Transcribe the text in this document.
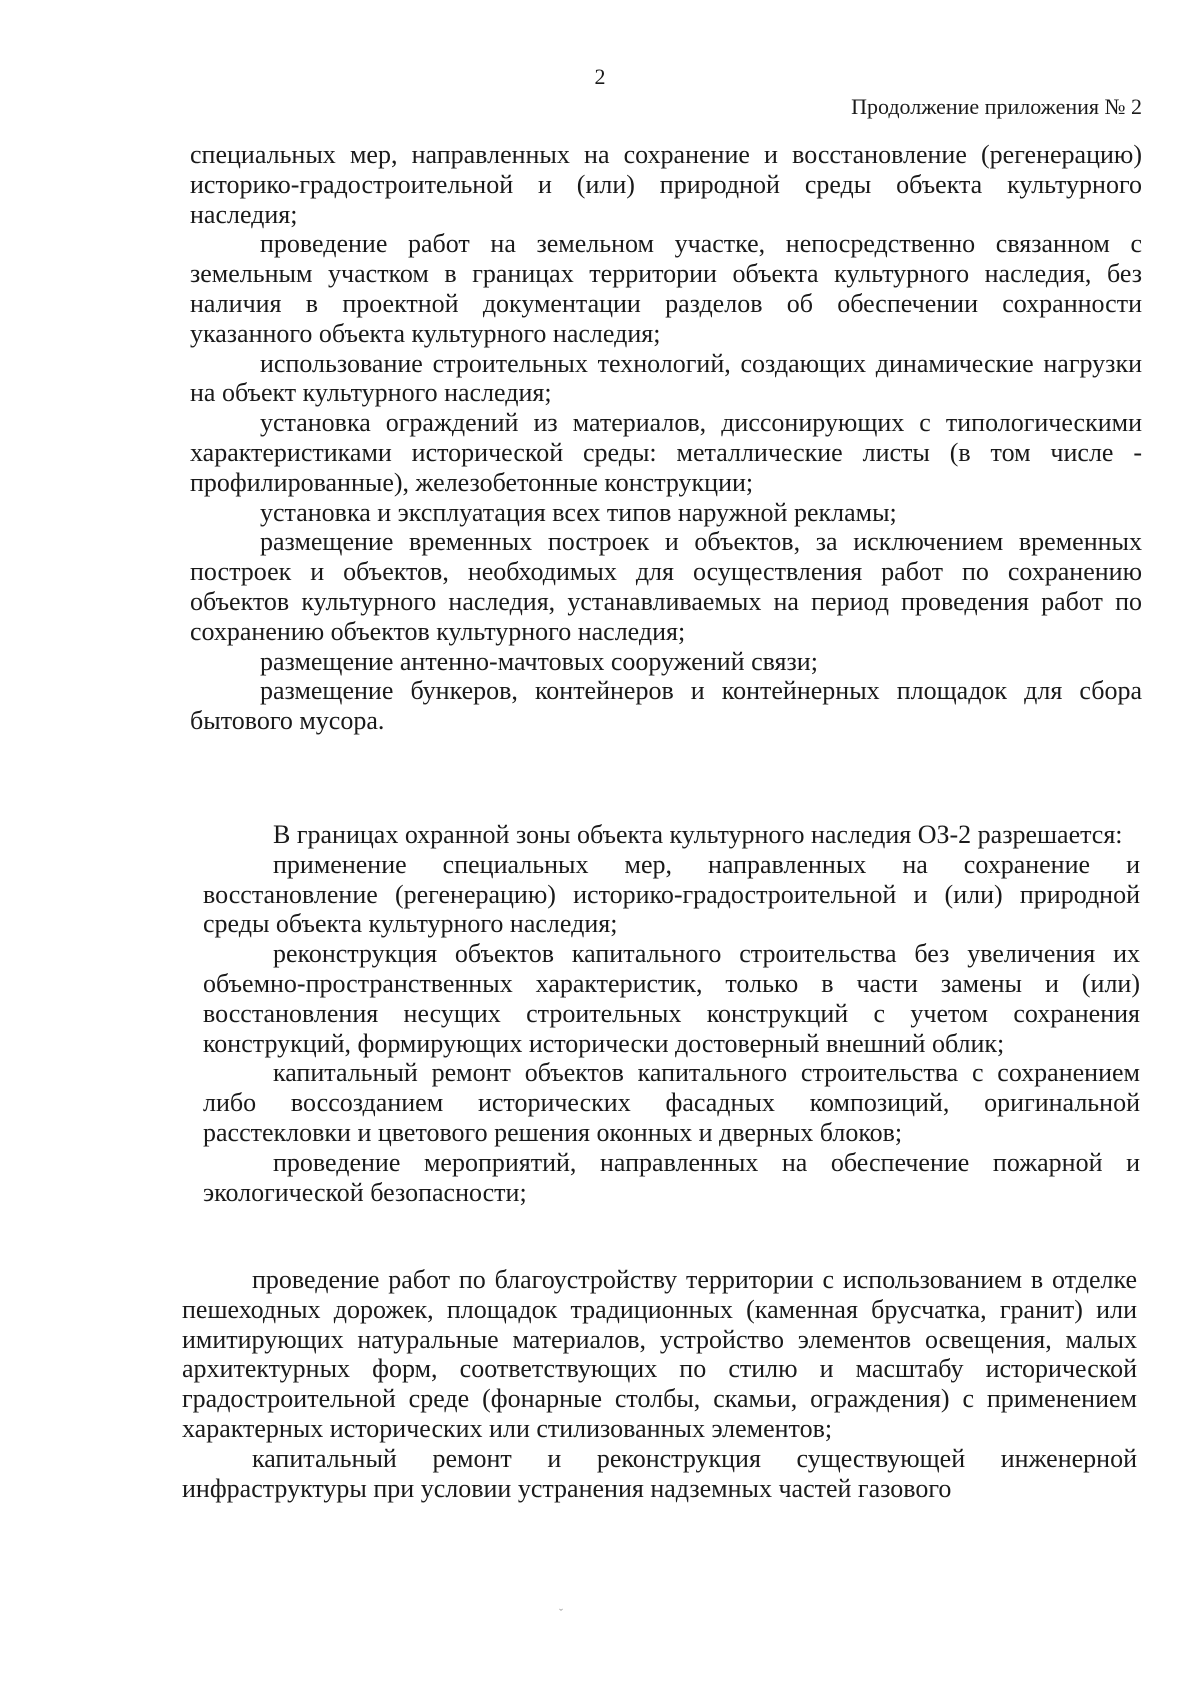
2
Продолжение приложения № 2

специальных мер, направленных на сохранение и восстановление (регенерацию) историко-градостроительной и (или) природной среды объекта культурного наследия;

проведение работ на земельном участке, непосредственно связанном с земельным участком в границах территории объекта культурного наследия, без наличия в проектной документации разделов об обеспечении сохранности указанного объекта культурного наследия;

использование строительных технологий, создающих динамические нагрузки на объект культурного наследия;

установка ограждений из материалов, диссонирующих с типологическими характеристиками исторической среды: металлические листы (в том числе - профилированные), железобетонные конструкции;

установка и эксплуатация всех типов наружной рекламы;

размещение временных построек и объектов, за исключением временных построек и объектов, необходимых для осуществления работ по сохранению объектов культурного наследия, устанавливаемых на период проведения работ по сохранению объектов культурного наследия;

размещение антенно-мачтовых сооружений связи;

размещение бункеров, контейнеров и контейнерных площадок для сбора бытового мусора.

В границах охранной зоны объекта культурного наследия ОЗ-2 разрешается:

применение специальных мер, направленных на сохранение и восстановление (регенерацию) историко-градостроительной и (или) природной среды объекта культурного наследия;

реконструкция объектов капитального строительства без увеличения их объемно-пространственных характеристик, только в части замены и (или) восстановления несущих строительных конструкций с учетом сохранения конструкций, формирующих исторически достоверный внешний облик;

капитальный ремонт объектов капитального строительства с сохранением либо воссозданием исторических фасадных композиций, оригинальной расстекловки и цветового решения оконных и дверных блоков;

проведение мероприятий, направленных на обеспечение пожарной и экологической безопасности;

проведение работ по благоустройству территории с использованием в отделке пешеходных дорожек, площадок традиционных (каменная брусчатка, гранит) или имитирующих натуральные материалов, устройство элементов освещения, малых архитектурных форм, соответствующих по стилю и масштабу исторической градостроительной среде (фонарные столбы, скамьи, ограждения) с применением характерных исторических или стилизованных элементов;

капитальный ремонт и реконструкция существующей инженерной инфраструктуры при условии устранения надземных частей газового

ˇ
